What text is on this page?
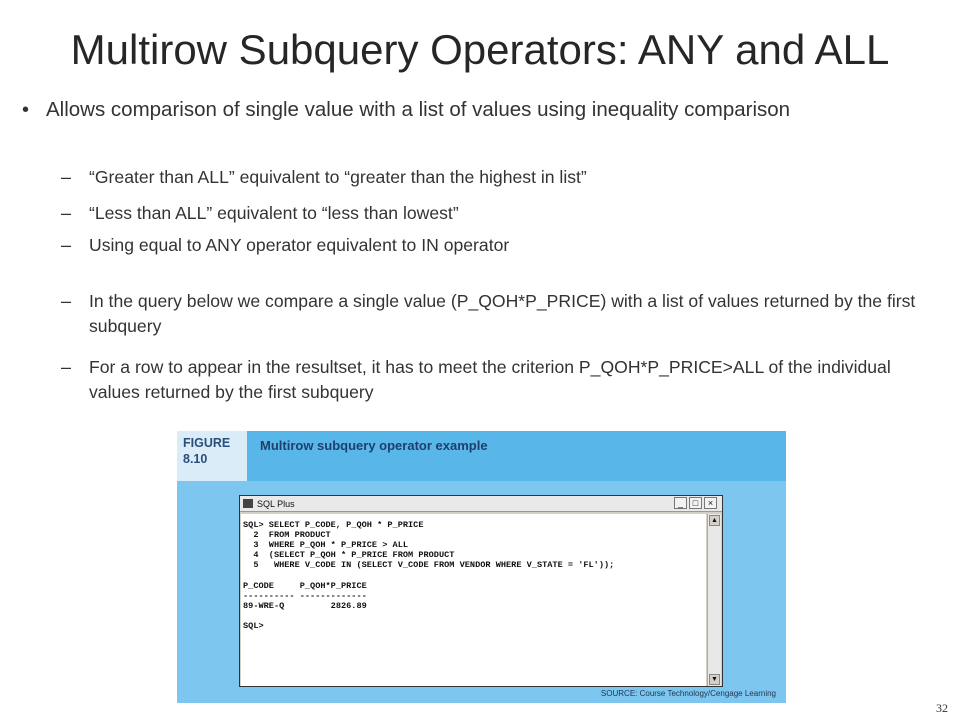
Multirow Subquery Operators: ANY and ALL
• Allows comparison of single value with a list of values using inequality comparison
–	“Greater than ALL” equivalent to “greater than the highest in list”
–	“Less than ALL” equivalent to “less than lowest”
–	Using equal to ANY operator equivalent to IN operator
–	In the query below we compare a single value (P_QOH*P_PRICE) with a list of values returned by the first subquery
–	For a row to appear in the resultset, it has to meet the criterion P_QOH*P_PRICE>ALL of the individual values returned by the first subquery
FIGURE
8.10
Multirow subquery operator example
SQL Plus	_	□	×
SQL> SELECT P_CODE, P_QOH * P_PRICE
2  FROM PRODUCT
3  WHERE P_QOH * P_PRICE > ALL
4  (SELECT P_QOH * P_PRICE FROM PRODUCT
5   WHERE V_CODE IN (SELECT V_CODE FROM VENDOR WHERE V_STATE = 'FL'));

P_CODE     P_QOH*P_PRICE
---------- -------------
89-WRE-Q         2826.89

SQL>
▲
▼
SOURCE: Course Technology/Cengage Learning
32
